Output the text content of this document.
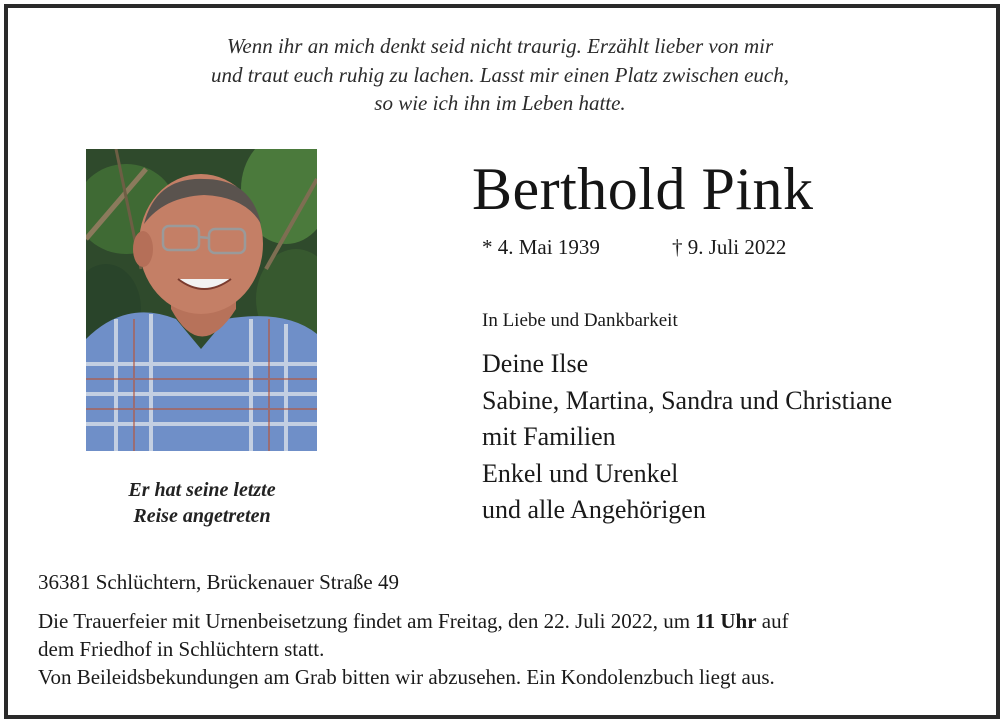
Wenn ihr an mich denkt seid nicht traurig. Erzählt lieber von mir
und traut euch ruhig zu lachen. Lasst mir einen Platz zwischen euch,
so wie ich ihn im Leben hatte.
Er hat seine letzte
Reise angetreten
Berthold Pink
* 4. Mai 1939	† 9. Juli 2022
In Liebe und Dankbarkeit
Deine Ilse
Sabine, Martina, Sandra und Christiane
mit Familien
Enkel und Urenkel
und alle Angehörigen
36381 Schlüchtern, Brückenauer Straße 49
Die Trauerfeier mit Urnenbeisetzung findet am Freitag, den 22. Juli 2022, um 11 Uhr auf
dem Friedhof in Schlüchtern statt.
Von Beileidsbekundungen am Grab bitten wir abzusehen. Ein Kondolenzbuch liegt aus.
